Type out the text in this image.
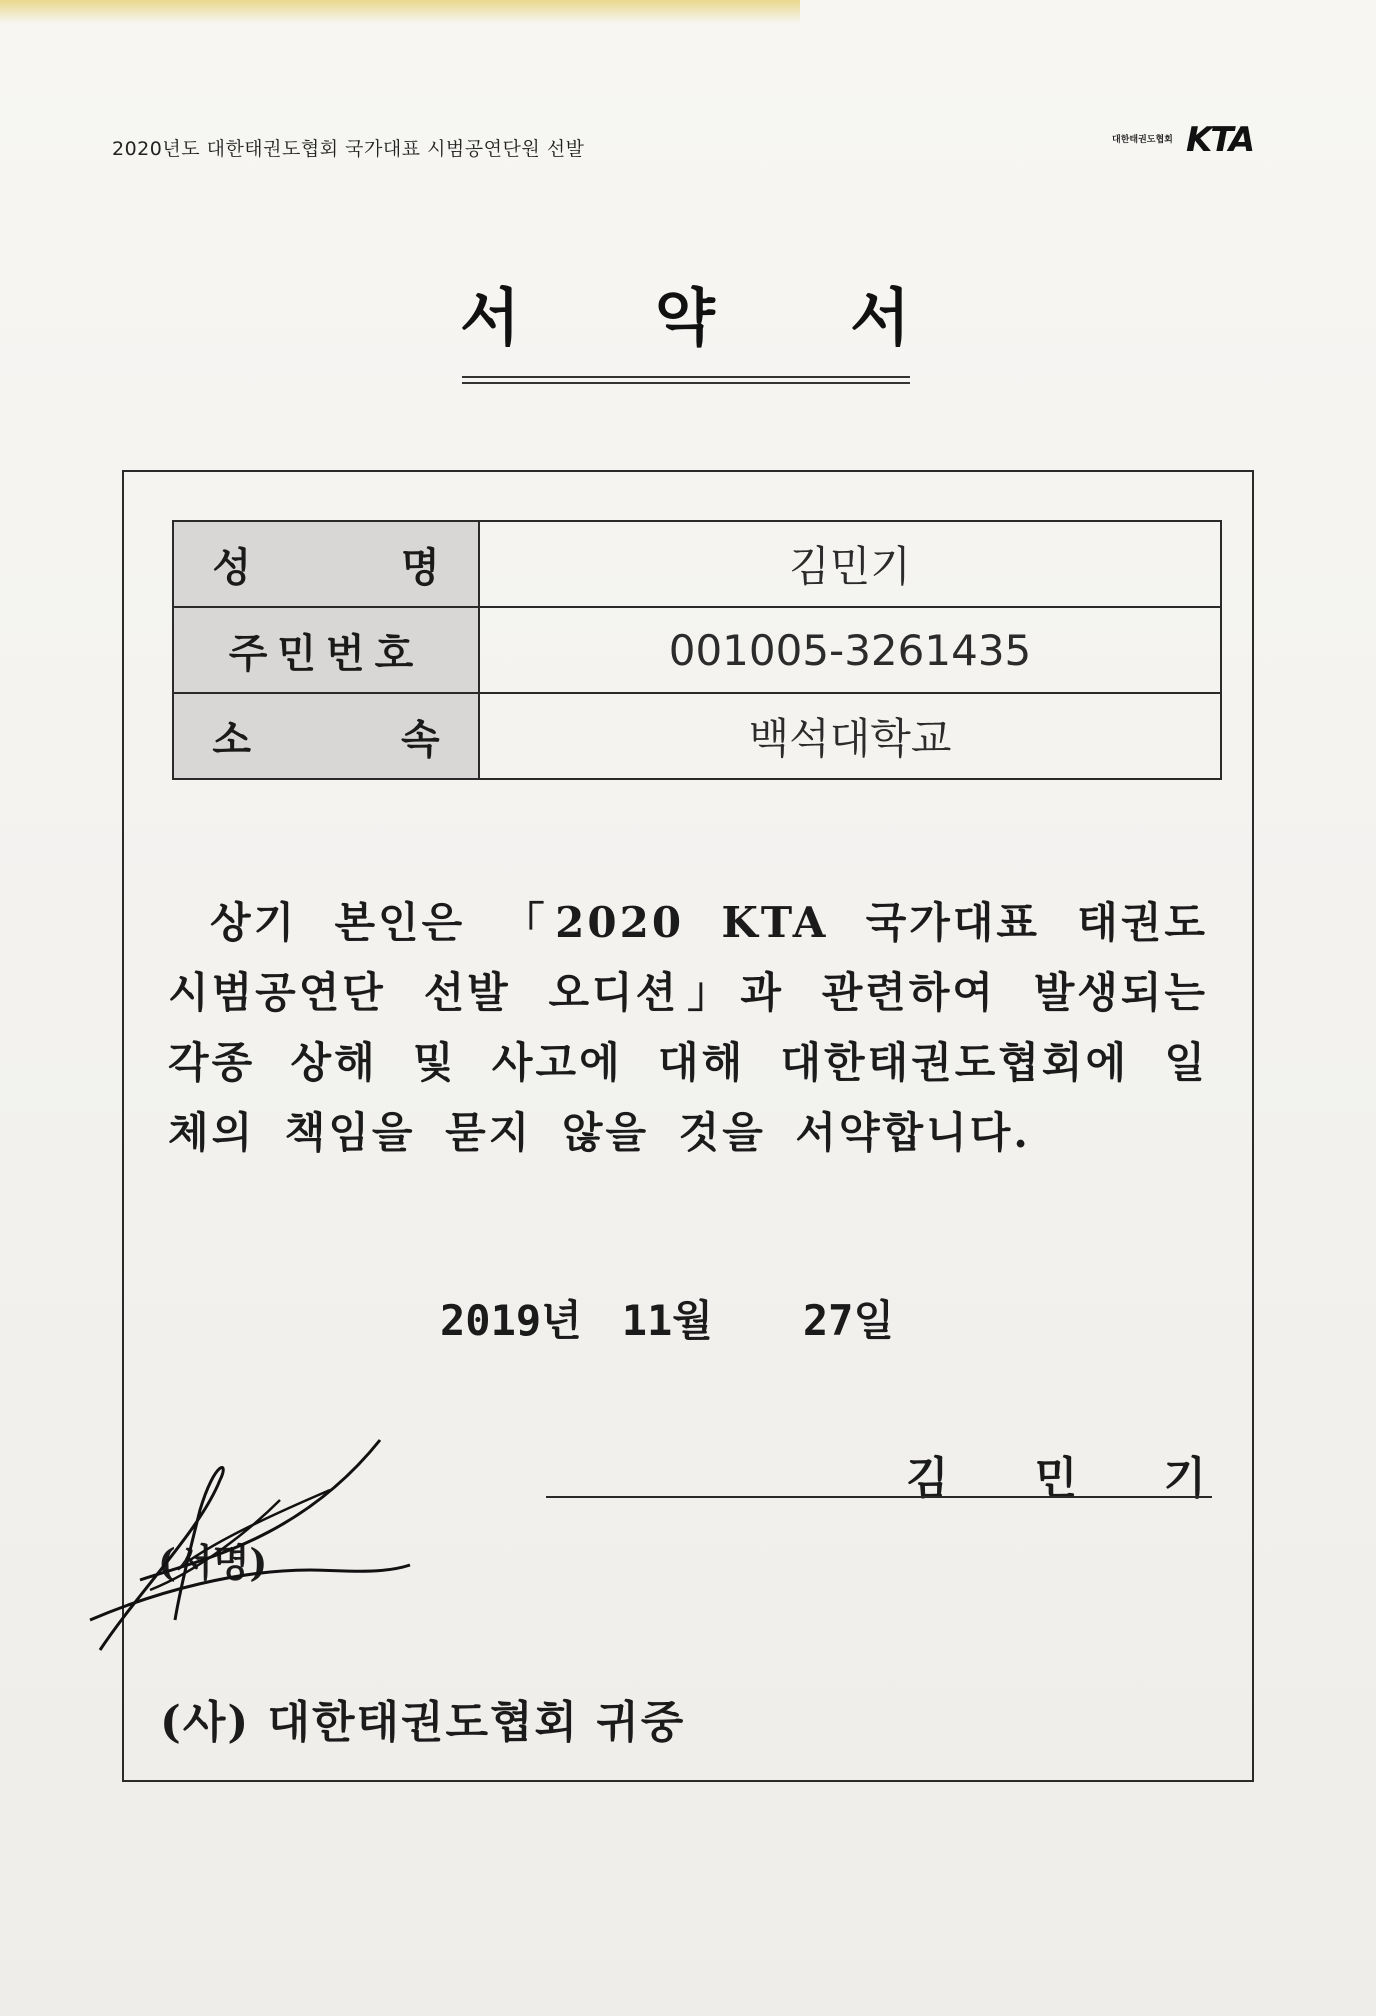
2020년도 대한태권도협회 국가대표 시범공연단원 선발	대한태권도협회 KTA
서 약 서
성 명	김민기
주민번호	001005-3261435
소 속	백석대학교
상기 본인은 「2020 KTA 국가대표 태권도 시범공연단 선발 오디션」과 관련하여 발생되는 각종 상해 및 사고에 대해 대한태권도협회에 일체의 책임을 묻지 않을 것을 서약합니다.
2019년 11월 27일
김 민 기
(서명)
(사) 대한태권도협회 귀중
